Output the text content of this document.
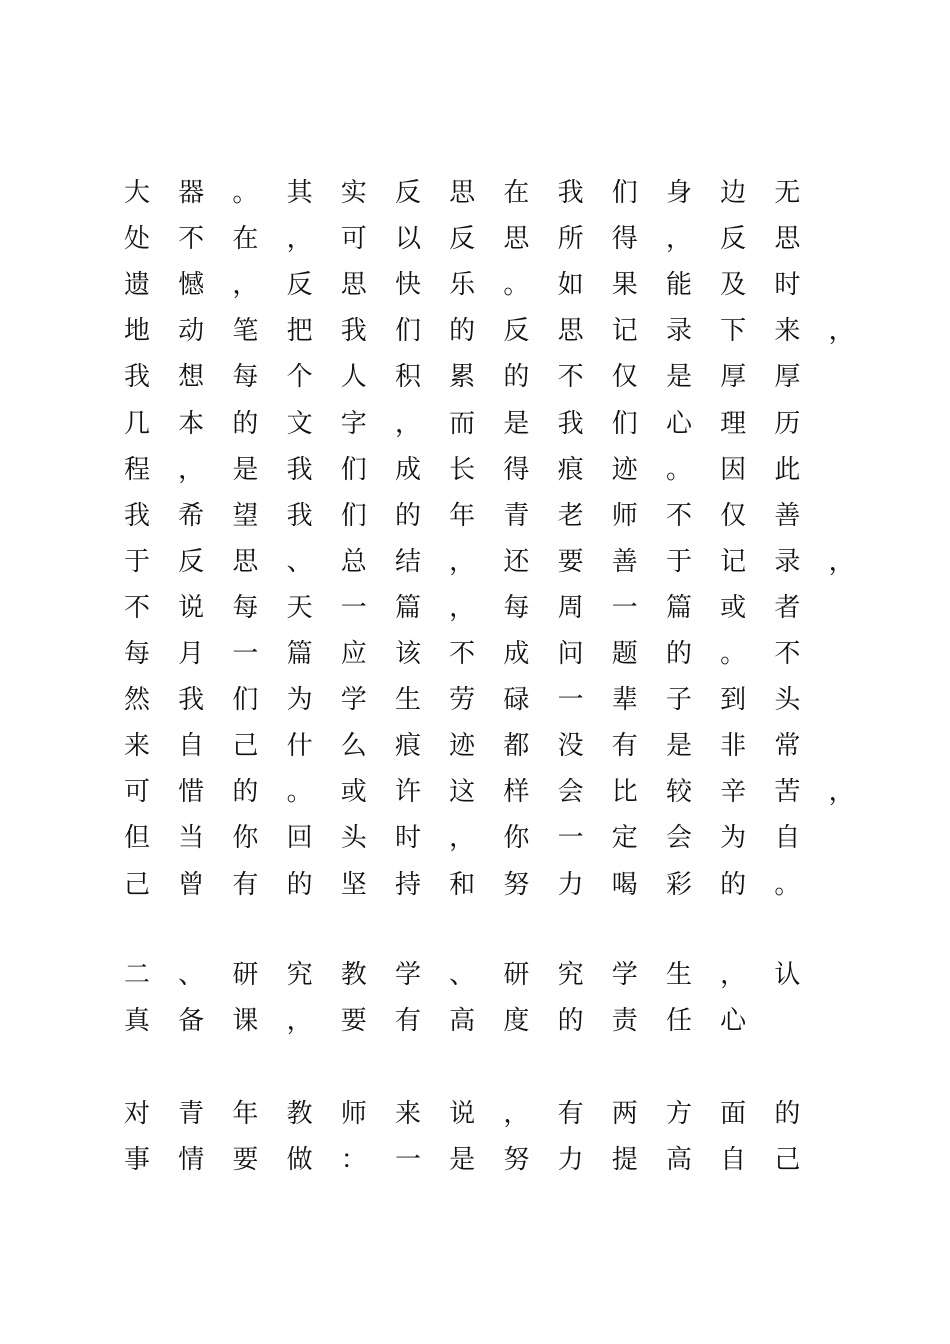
大 器 。 其 实 反 思 在 我 们 身 边 无
处 不 在 ， 可 以 反 思 所 得 ， 反 思
遗 憾 ， 反 思 快 乐 。 如 果 能 及 时
地 动 笔 把 我 们 的 反 思 记 录 下 来 ，
我 想 每 个 人 积 累 的 不 仅 是 厚 厚
几 本 的 文 字 ， 而 是 我 们 心 理 历
程 ， 是 我 们 成 长 得 痕 迹 。 因 此
我 希 望 我 们 的 年 青 老 师 不 仅 善
于 反 思 、 总 结 ， 还 要 善 于 记 录 ，
不 说 每 天 一 篇 ， 每 周 一 篇 或 者
每 月 一 篇 应 该 不 成 问 题 的 。 不
然 我 们 为 学 生 劳 碌 一 辈 子 到 头
来 自 己 什 么 痕 迹 都 没 有 是 非 常
可 惜 的 。 或 许 这 样 会 比 较 辛 苦 ，
但 当 你 回 头 时 ， 你 一 定 会 为 自
己 曾 有 的 坚 持 和 努 力 喝 彩 的 。
二 、 研 究 教 学 、 研 究 学 生 ， 认
真 备 课 ， 要 有 高 度 的 责 任 心
对 青 年 教 师 来 说 ， 有 两 方 面 的
事 情 要 做 ： 一 是 努 力 提 高 自 己
